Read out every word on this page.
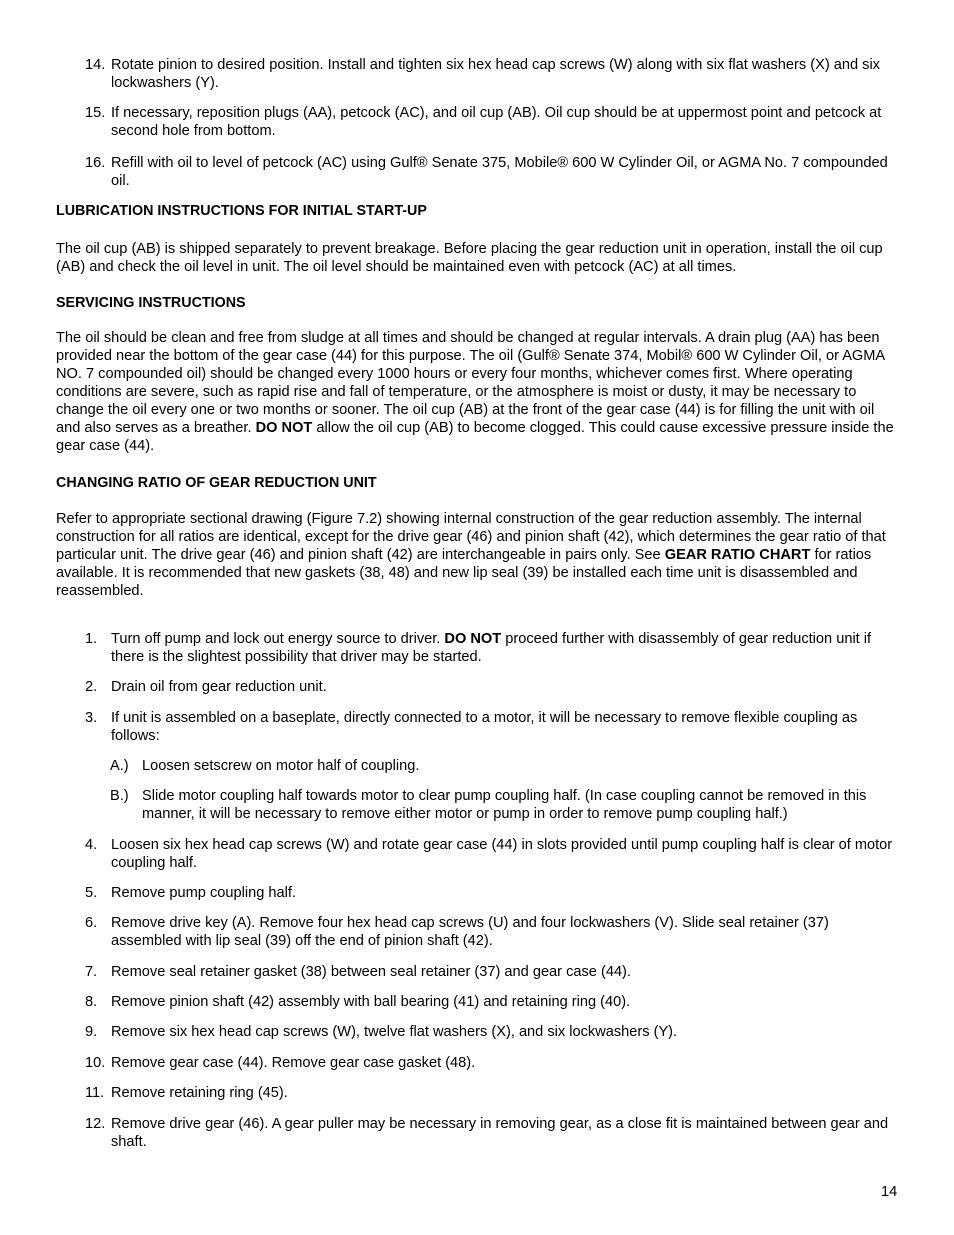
14. Rotate pinion to desired position. Install and tighten six hex head cap screws (W) along with six flat washers (X) and six lockwashers (Y).
15. If necessary, reposition plugs (AA), petcock (AC), and oil cup (AB). Oil cup should be at uppermost point and petcock at second hole from bottom.
16. Refill with oil to level of petcock (AC) using Gulf® Senate 375, Mobile® 600 W Cylinder Oil, or AGMA No. 7 compounded oil.
LUBRICATION INSTRUCTIONS FOR INITIAL START-UP
The oil cup (AB) is shipped separately to prevent breakage. Before placing the gear reduction unit in operation, install the oil cup (AB) and check the oil level in unit. The oil level should be maintained even with petcock (AC) at all times.
SERVICING INSTRUCTIONS
The oil should be clean and free from sludge at all times and should be changed at regular intervals. A drain plug (AA) has been provided near the bottom of the gear case (44) for this purpose. The oil (Gulf® Senate 374, Mobil® 600 W Cylinder Oil, or AGMA NO. 7 compounded oil) should be changed every 1000 hours or every four months, whichever comes first. Where operating conditions are severe, such as rapid rise and fall of temperature, or the atmosphere is moist or dusty, it may be necessary to change the oil every one or two months or sooner. The oil cup (AB) at the front of the gear case (44) is for filling the unit with oil and also serves as a breather. DO NOT allow the oil cup (AB) to become clogged. This could cause excessive pressure inside the gear case (44).
CHANGING RATIO OF GEAR REDUCTION UNIT
Refer to appropriate sectional drawing (Figure 7.2) showing internal construction of the gear reduction assembly. The internal construction for all ratios are identical, except for the drive gear (46) and pinion shaft (42), which determines the gear ratio of that particular unit. The drive gear (46) and pinion shaft (42) are interchangeable in pairs only. See GEAR RATIO CHART for ratios available. It is recommended that new gaskets (38, 48) and new lip seal (39) be installed each time unit is disassembled and reassembled.
1. Turn off pump and lock out energy source to driver. DO NOT proceed further with disassembly of gear reduction unit if there is the slightest possibility that driver may be started.
2. Drain oil from gear reduction unit.
3. If unit is assembled on a baseplate, directly connected to a motor, it will be necessary to remove flexible coupling as follows:
A.) Loosen setscrew on motor half of coupling.
B.) Slide motor coupling half towards motor to clear pump coupling half. (In case coupling cannot be removed in this manner, it will be necessary to remove either motor or pump in order to remove pump coupling half.)
4. Loosen six hex head cap screws (W) and rotate gear case (44) in slots provided until pump coupling half is clear of motor coupling half.
5. Remove pump coupling half.
6. Remove drive key (A). Remove four hex head cap screws (U) and four lockwashers (V). Slide seal retainer (37) assembled with lip seal (39) off the end of pinion shaft (42).
7. Remove seal retainer gasket (38) between seal retainer (37) and gear case (44).
8. Remove pinion shaft (42) assembly with ball bearing (41) and retaining ring (40).
9. Remove six hex head cap screws (W), twelve flat washers (X), and six lockwashers (Y).
10. Remove gear case (44). Remove gear case gasket (48).
11. Remove retaining ring (45).
12. Remove drive gear (46). A gear puller may be necessary in removing gear, as a close fit is maintained between gear and shaft.
14
